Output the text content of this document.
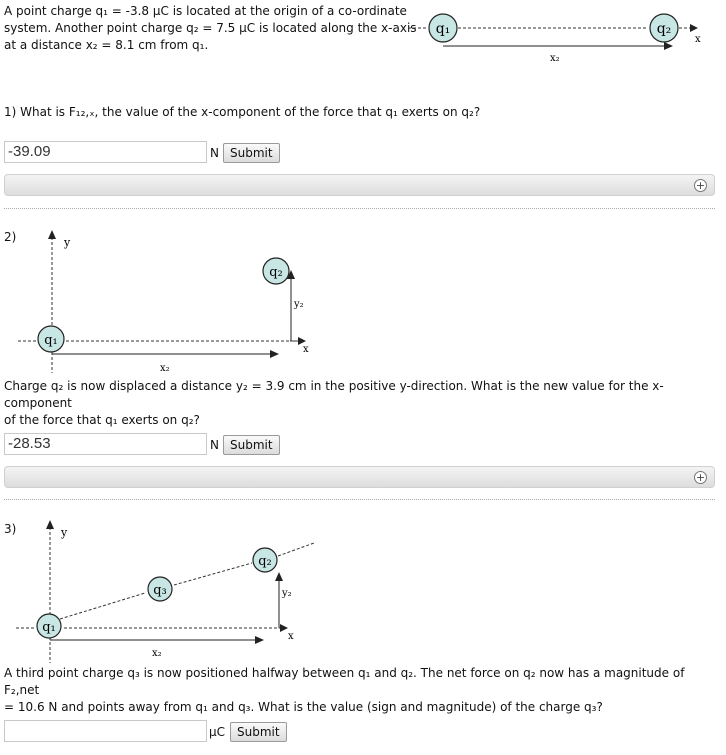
A point charge q₁ = -3.8 μC is located at the origin of a co-ordinate
system. Another point charge q₂ = 7.5 μC is located along the x-axis
at a distance x₂ = 8.1 cm from q₁.
q₁	q₂
x
x₂
1) What is F₁₂,ₓ, the value of the x-component of the force that q₁ exerts on q₂?
-39.09	N Submit
+
2)	y
x
q₁
q₂
y₂
x₂
Charge q₂ is now displaced a distance y₂ = 3.9 cm in the positive y-direction. What is the new value for the x-component
of the force that q₁ exerts on q₂?
-28.53	N Submit
+
3)	y
x
q₁
q₃
q₂
y₂
x₂
A third point charge q₃ is now positioned halfway between q₁ and q₂. The net force on q₂ now has a magnitude of F₂,net
= 10.6 N and points away from q₁ and q₃. What is the value (sign and magnitude) of the charge q₃?
μC Submit
